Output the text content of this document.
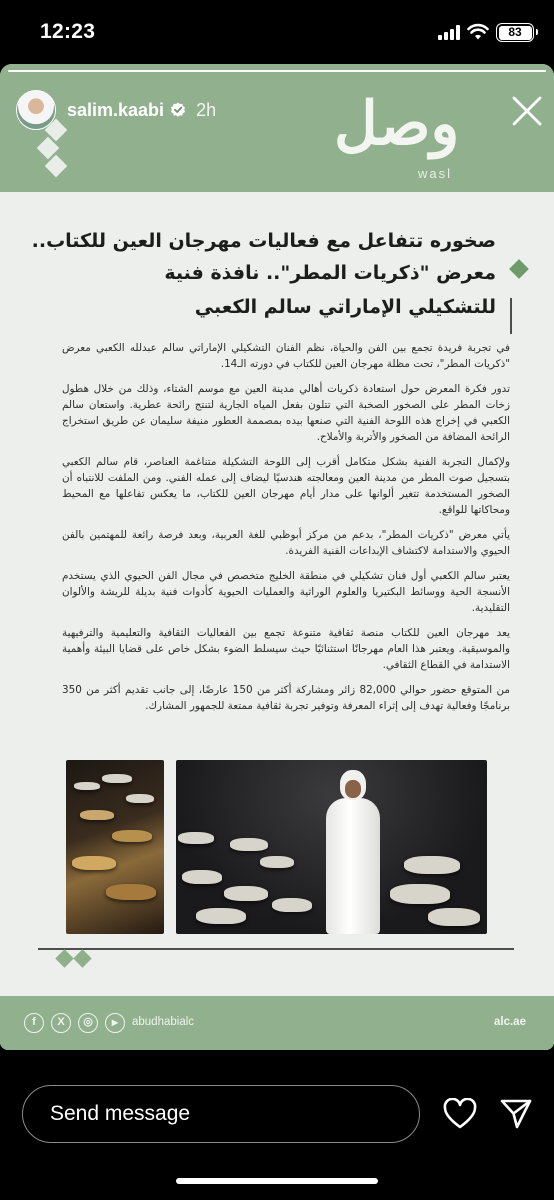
12:23	83
وصل
wasl
salim.kaabi 2h
صخوره تتفاعل مع فعاليات مهرجان العين للكتاب..
معرض "ذكريات المطر".. نافذة فنية
للتشكيلي الإماراتي سالم الكعبي

في تجربة فريدة تجمع بين الفن والحياة، نظم الفنان التشكيلي الإماراتي سالم عبدلله الكعبي معرض "ذكريات المطر"، تحت مظلة مهرجان العين للكتاب في دورته الـ14.

تدور فكرة المعرض حول استعادة ذكريات أهالي مدينة العين مع موسم الشتاء، وذلك من خلال هطول زخات المطر على الصخور الصخبة التي تتلون بفعل المياه الجارية لتنتج رائحة عطرية. واستعان سالم الكعبي في إخراج هذه اللوحة الفنية التي صنعها بيده بمصممة العطور منيفة سليمان عن طريق استخراج الرائحة المضافة من الصخور والأتربة والأملاح.

ولإكمال التجربة الفنية بشكل متكامل أقرب إلى اللوحة التشكيلة متناغمة العناصر، قام سالم الكعبي بتسجيل صوت المطر من مدينة العين ومعالجته هندسيًا ليضاف إلى عمله الفني. ومن الملفت للانتباه أن الصخور المستخدمة تتغير ألوانها على مدار أيام مهرجان العين للكتاب، ما يعكس تفاعلها مع المحيط ومحاكاتها للواقع.

يأتي معرض "ذكريات المطر"، بدعم من مركز أبوظبي للغة العربية، وبعد فرصة رائعة للمهتمين بالفن الحيوي والاستدامة لاكتشاف الإبداعات الفنية الفريدة.

يعتبر سالم الكعبي أول فنان تشكيلي في منطقة الخليج متخصص في مجال الفن الحيوي الذي يستخدم الأنسجة الحية ووسائط البكتيريا والعلوم الوراثية والعمليات الحيوية كأدوات فنية بديلة للريشة والألوان التقليدية.

يعد مهرجان العين للكتاب منصة ثقافية متنوعة تجمع بين الفعاليات الثقافية والتعليمية والترفيهية والموسيقية. ويعتبر هذا العام مهرجانًا استثنائيًا حيث سيسلط الضوء بشكل خاص على قضايا البيئة وأهمية الاستدامة في القطاع الثقافي.

من المتوقع حضور حوالي 82,000 زائر ومشاركة أكثر من 150 عارضًا، إلى جانب تقديم أكثر من 350 برنامجًا وفعالية تهدف إلى إثراء المعرفة وتوفير تجربة ثقافية ممتعة للجمهور المشارك.

f	X	◎	▶	abudhabialc	alc.ae
Send message
